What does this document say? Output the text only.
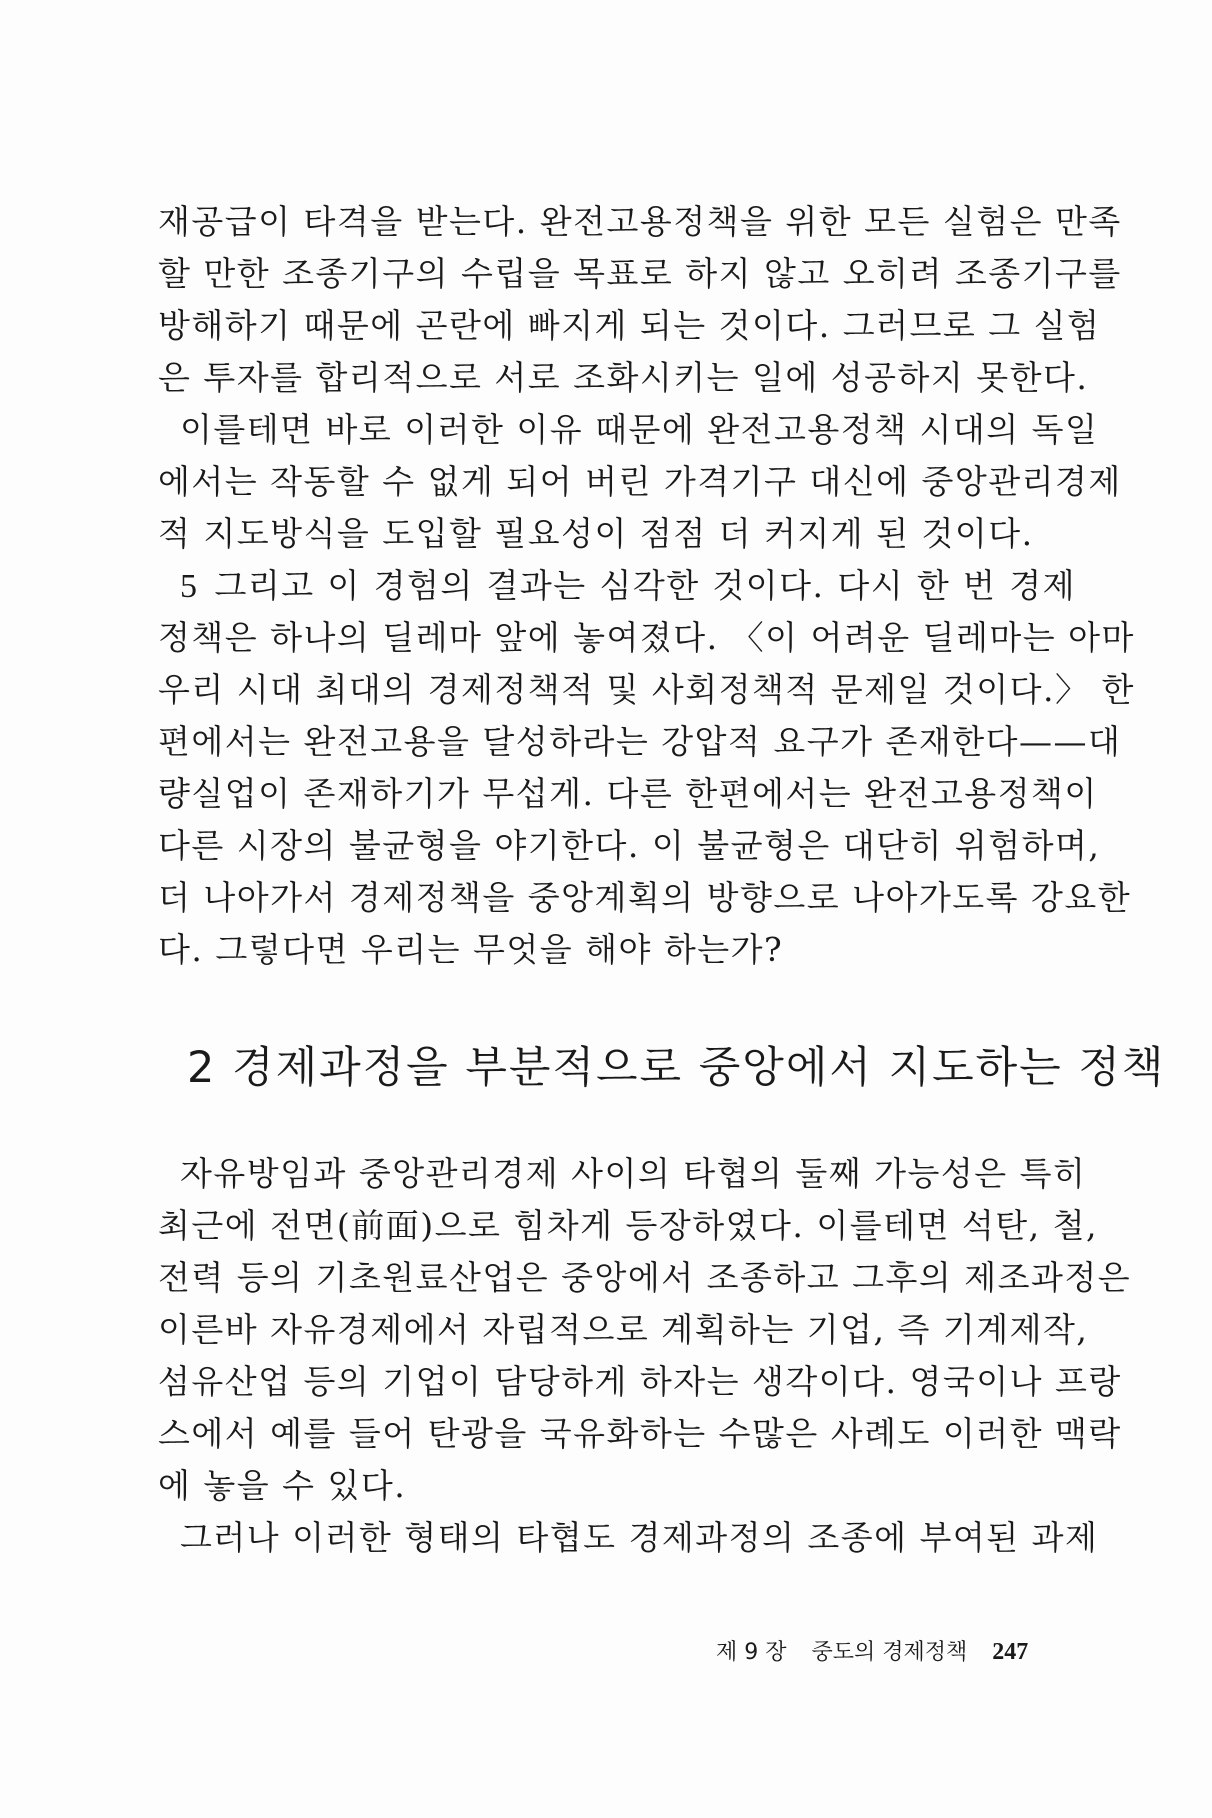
재공급이 타격을 받는다. 완전고용정책을 위한 모든 실험은 만족
할 만한 조종기구의 수립을 목표로 하지 않고 오히려 조종기구를
방해하기 때문에 곤란에 빠지게 되는 것이다. 그러므로 그 실험
은 투자를 합리적으로 서로 조화시키는 일에 성공하지 못한다.
이를테면 바로 이러한 이유 때문에 완전고용정책 시대의 독일
에서는 작동할 수 없게 되어 버린 가격기구 대신에 중앙관리경제
적 지도방식을 도입할 필요성이 점점 더 커지게 된 것이다.
5 그리고 이 경험의 결과는 심각한 것이다. 다시 한 번 경제
정책은 하나의 딜레마 앞에 놓여졌다. 〈이 어려운 딜레마는 아마
우리 시대 최대의 경제정책적 및 사회정책적 문제일 것이다.〉 한
편에서는 완전고용을 달성하라는 강압적 요구가 존재한다——대
량실업이 존재하기가 무섭게. 다른 한편에서는 완전고용정책이
다른 시장의 불균형을 야기한다. 이 불균형은 대단히 위험하며,
더 나아가서 경제정책을 중앙계획의 방향으로 나아가도록 강요한
다. 그렇다면 우리는 무엇을 해야 하는가?
2 경제과정을 부분적으로 중앙에서 지도하는 정책
자유방임과 중앙관리경제 사이의 타협의 둘째 가능성은 특히
최근에 전면(前面)으로 힘차게 등장하였다. 이를테면 석탄, 철,
전력 등의 기초원료산업은 중앙에서 조종하고 그후의 제조과정은
이른바 자유경제에서 자립적으로 계획하는 기업, 즉 기계제작,
섬유산업 등의 기업이 담당하게 하자는 생각이다. 영국이나 프랑
스에서 예를 들어 탄광을 국유화하는 수많은 사례도 이러한 맥락
에 놓을 수 있다.
그러나 이러한 형태의 타협도 경제과정의 조종에 부여된 과제
제 9 장 중도의 경제정책 247
